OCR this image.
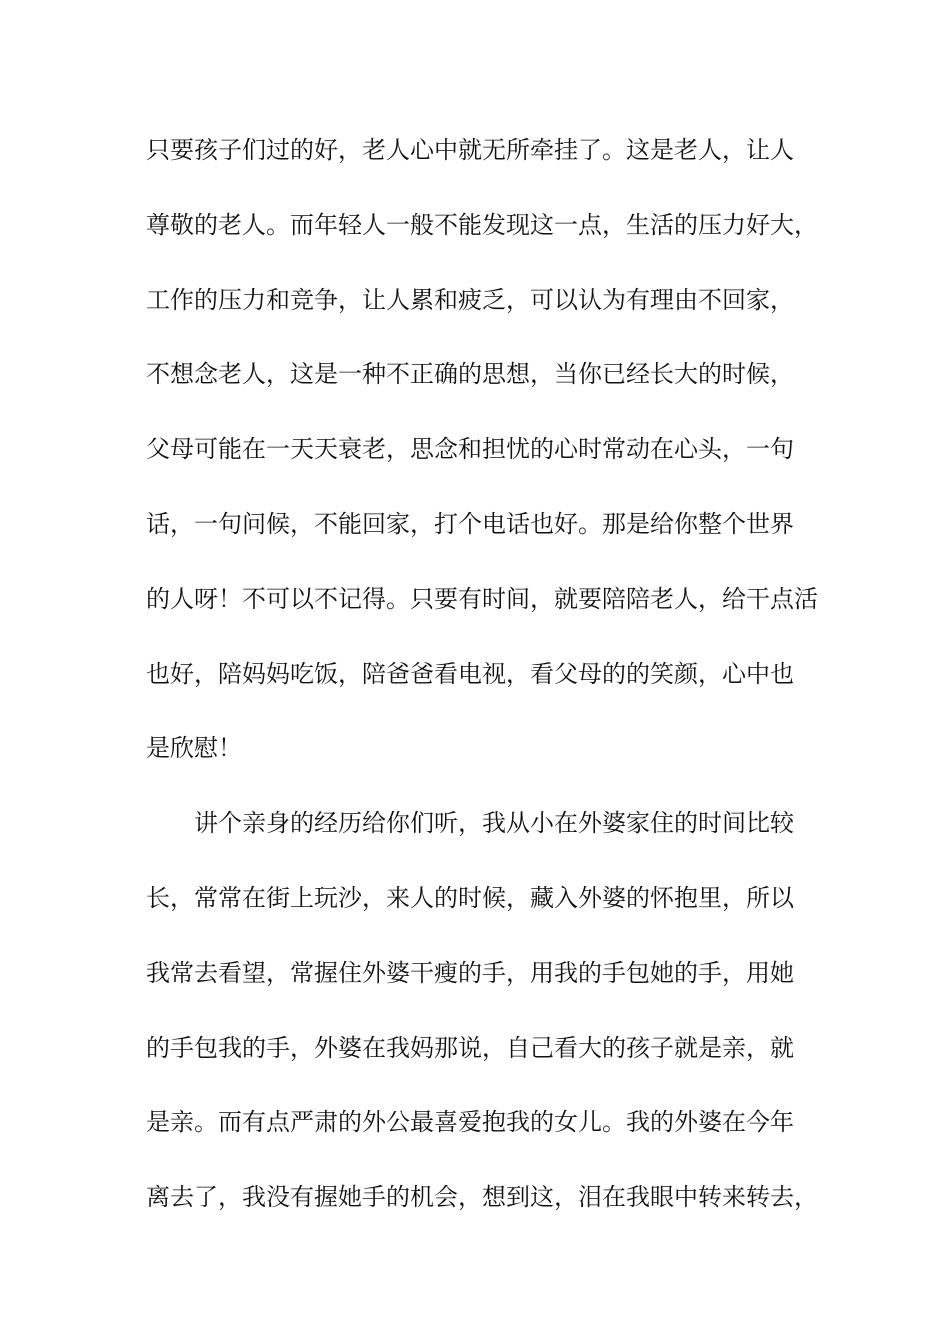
只要孩子们过的好，老人心中就无所牵挂了。这是老人，让人
尊敬的老人。而年轻人一般不能发现这一点，生活的压力好大，
工作的压力和竞争，让人累和疲乏，可以认为有理由不回家，
不想念老人，这是一种不正确的思想，当你已经长大的时候，
父母可能在一天天衰老，思念和担忧的心时常动在心头，一句
话，一句问候，不能回家，打个电话也好。那是给你整个世界
的人呀！不可以不记得。只要有时间，就要陪陪老人，给干点活
也好，陪妈妈吃饭，陪爸爸看电视，看父母的的笑颜，心中也
是欣慰！
讲个亲身的经历给你们听，我从小在外婆家住的时间比较
长，常常在街上玩沙，来人的时候，藏入外婆的怀抱里，所以
我常去看望，常握住外婆干瘦的手，用我的手包她的手，用她
的手包我的手，外婆在我妈那说，自己看大的孩子就是亲，就
是亲。而有点严肃的外公最喜爱抱我的女儿。我的外婆在今年
离去了，我没有握她手的机会，想到这，泪在我眼中转来转去，
